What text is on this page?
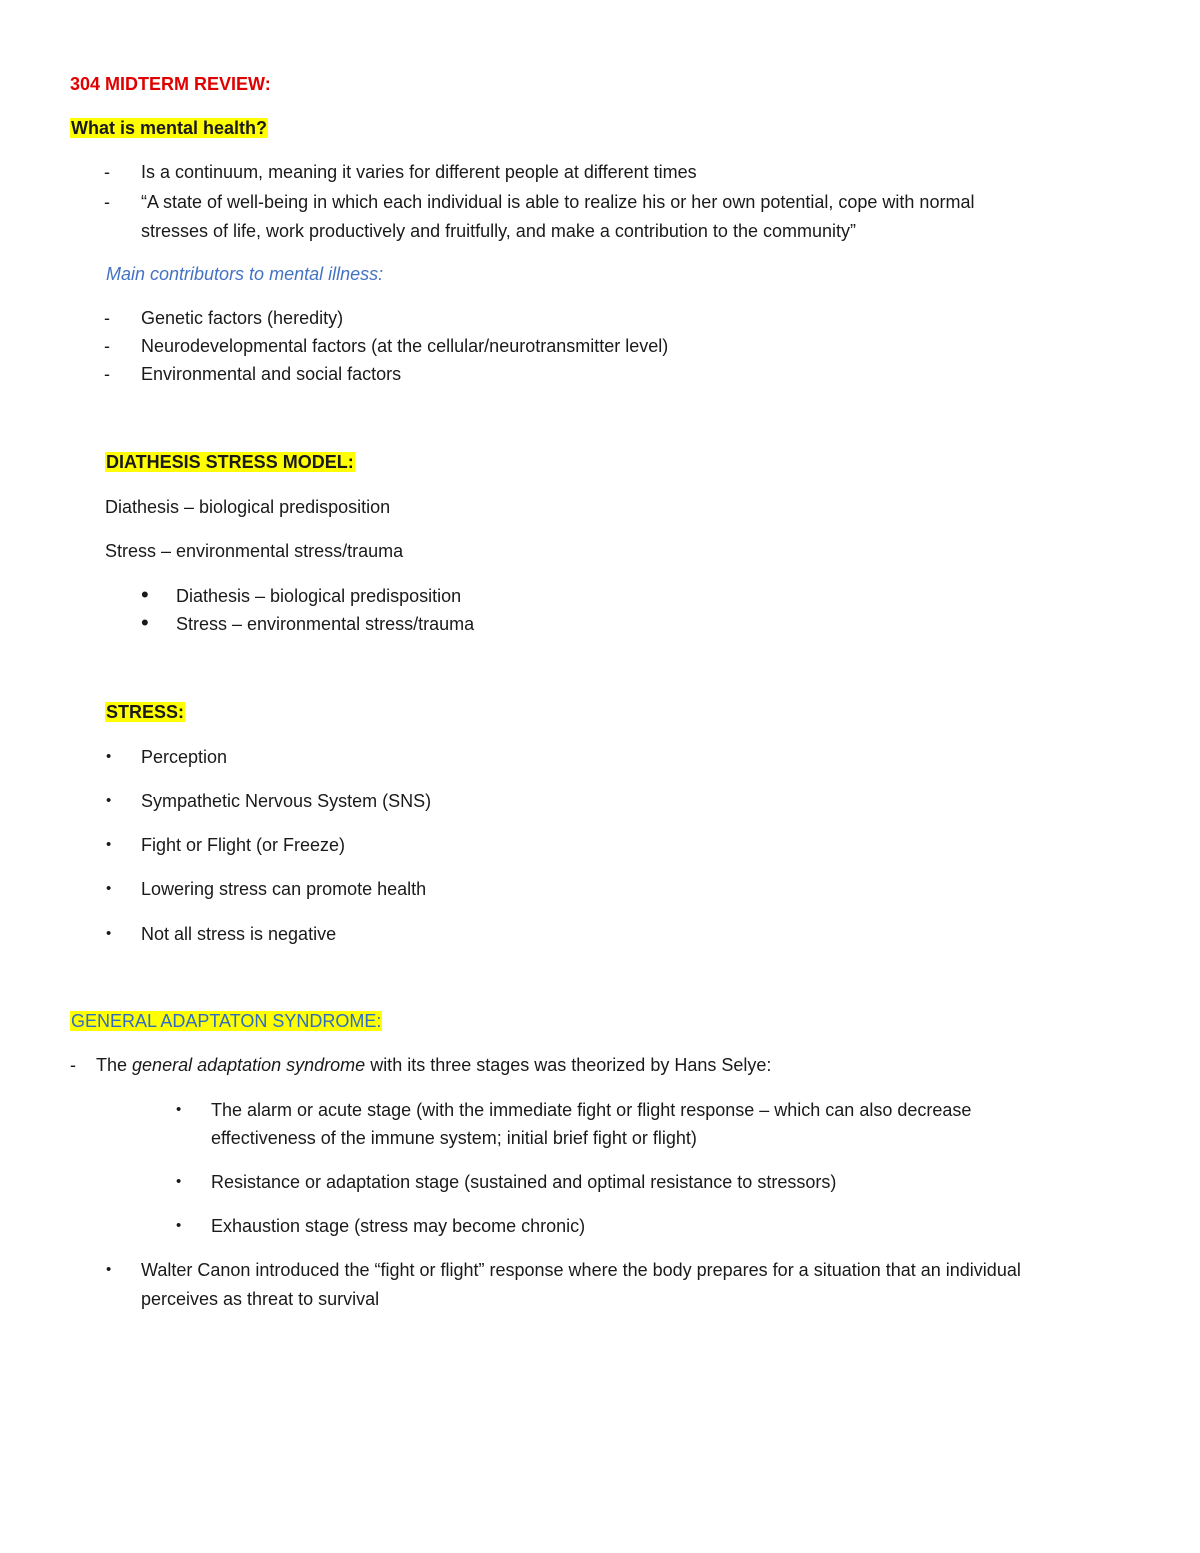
304 MIDTERM REVIEW:
What is mental health?
- Is a continuum, meaning it varies for different people at different times
- “A state of well-being in which each individual is able to realize his or her own potential, cope with normal
stresses of life, work productively and fruitfully, and make a contribution to the community”
Main contributors to mental illness:
- Genetic factors (heredity)
- Neurodevelopmental factors (at the cellular/neurotransmitter level)
- Environmental and social factors
DIATHESIS STRESS MODEL:
Diathesis – biological predisposition
Stress – environmental stress/trauma
• Diathesis – biological predisposition
• Stress – environmental stress/trauma
STRESS:
• Perception
• Sympathetic Nervous System (SNS)
• Fight or Flight (or Freeze)
• Lowering stress can promote health
• Not all stress is negative
GENERAL ADAPTATON SYNDROME:
- The general adaptation syndrome with its three stages was theorized by Hans Selye:
• The alarm or acute stage (with the immediate fight or flight response – which can also decrease
effectiveness of the immune system; initial brief fight or flight)
• Resistance or adaptation stage (sustained and optimal resistance to stressors)
• Exhaustion stage (stress may become chronic)
• Walter Canon introduced the “fight or flight” response where the body prepares for a situation that an individual
perceives as threat to survival
